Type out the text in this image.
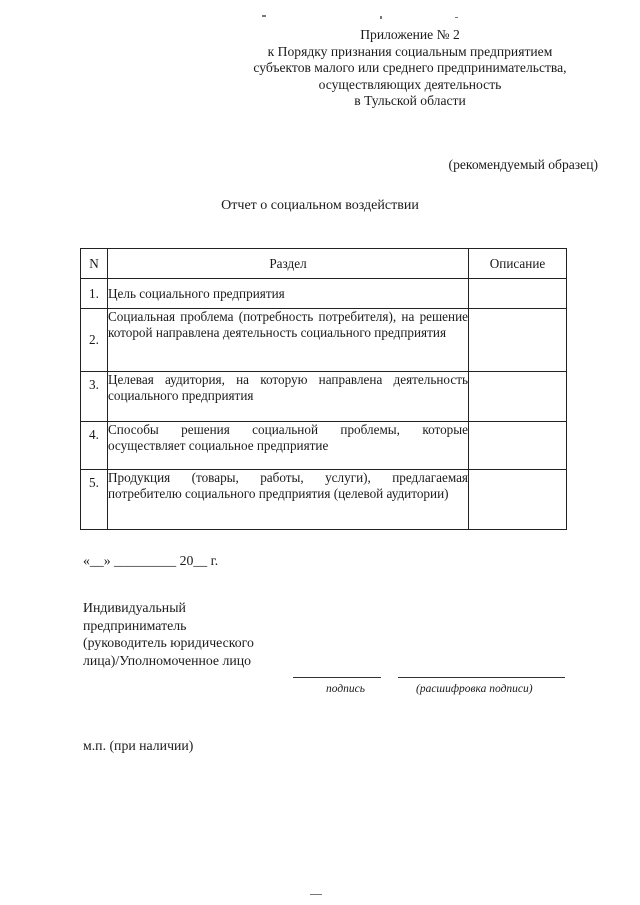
Приложение № 2
к Порядку признания социальным предприятием
субъектов малого или среднего предпринимательства,
осуществляющих деятельность
в Тульской области
(рекомендуемый образец)
Отчет о социальном воздействии
N	Раздел	Описание
1.	Цель социального предприятия	
2.	Социальная проблема (потребность потребителя), на решение которой направлена деятельность социального предприятия	
3.	Целевая аудитория, на которую направлена деятельность социального предприятия	
4.	Способы решения социальной проблемы, которые осуществляет социальное предприятие	
5.	Продукция (товары, работы, услуги), предлагаемая потребителю социального предприятия (целевой аудитории)	
«__» _________ 20__ г.
Индивидуальный
предприниматель
(руководитель юридического
лица)/Уполномоченное лицо
подпись	(расшифровка подписи)
м.п. (при наличии)
